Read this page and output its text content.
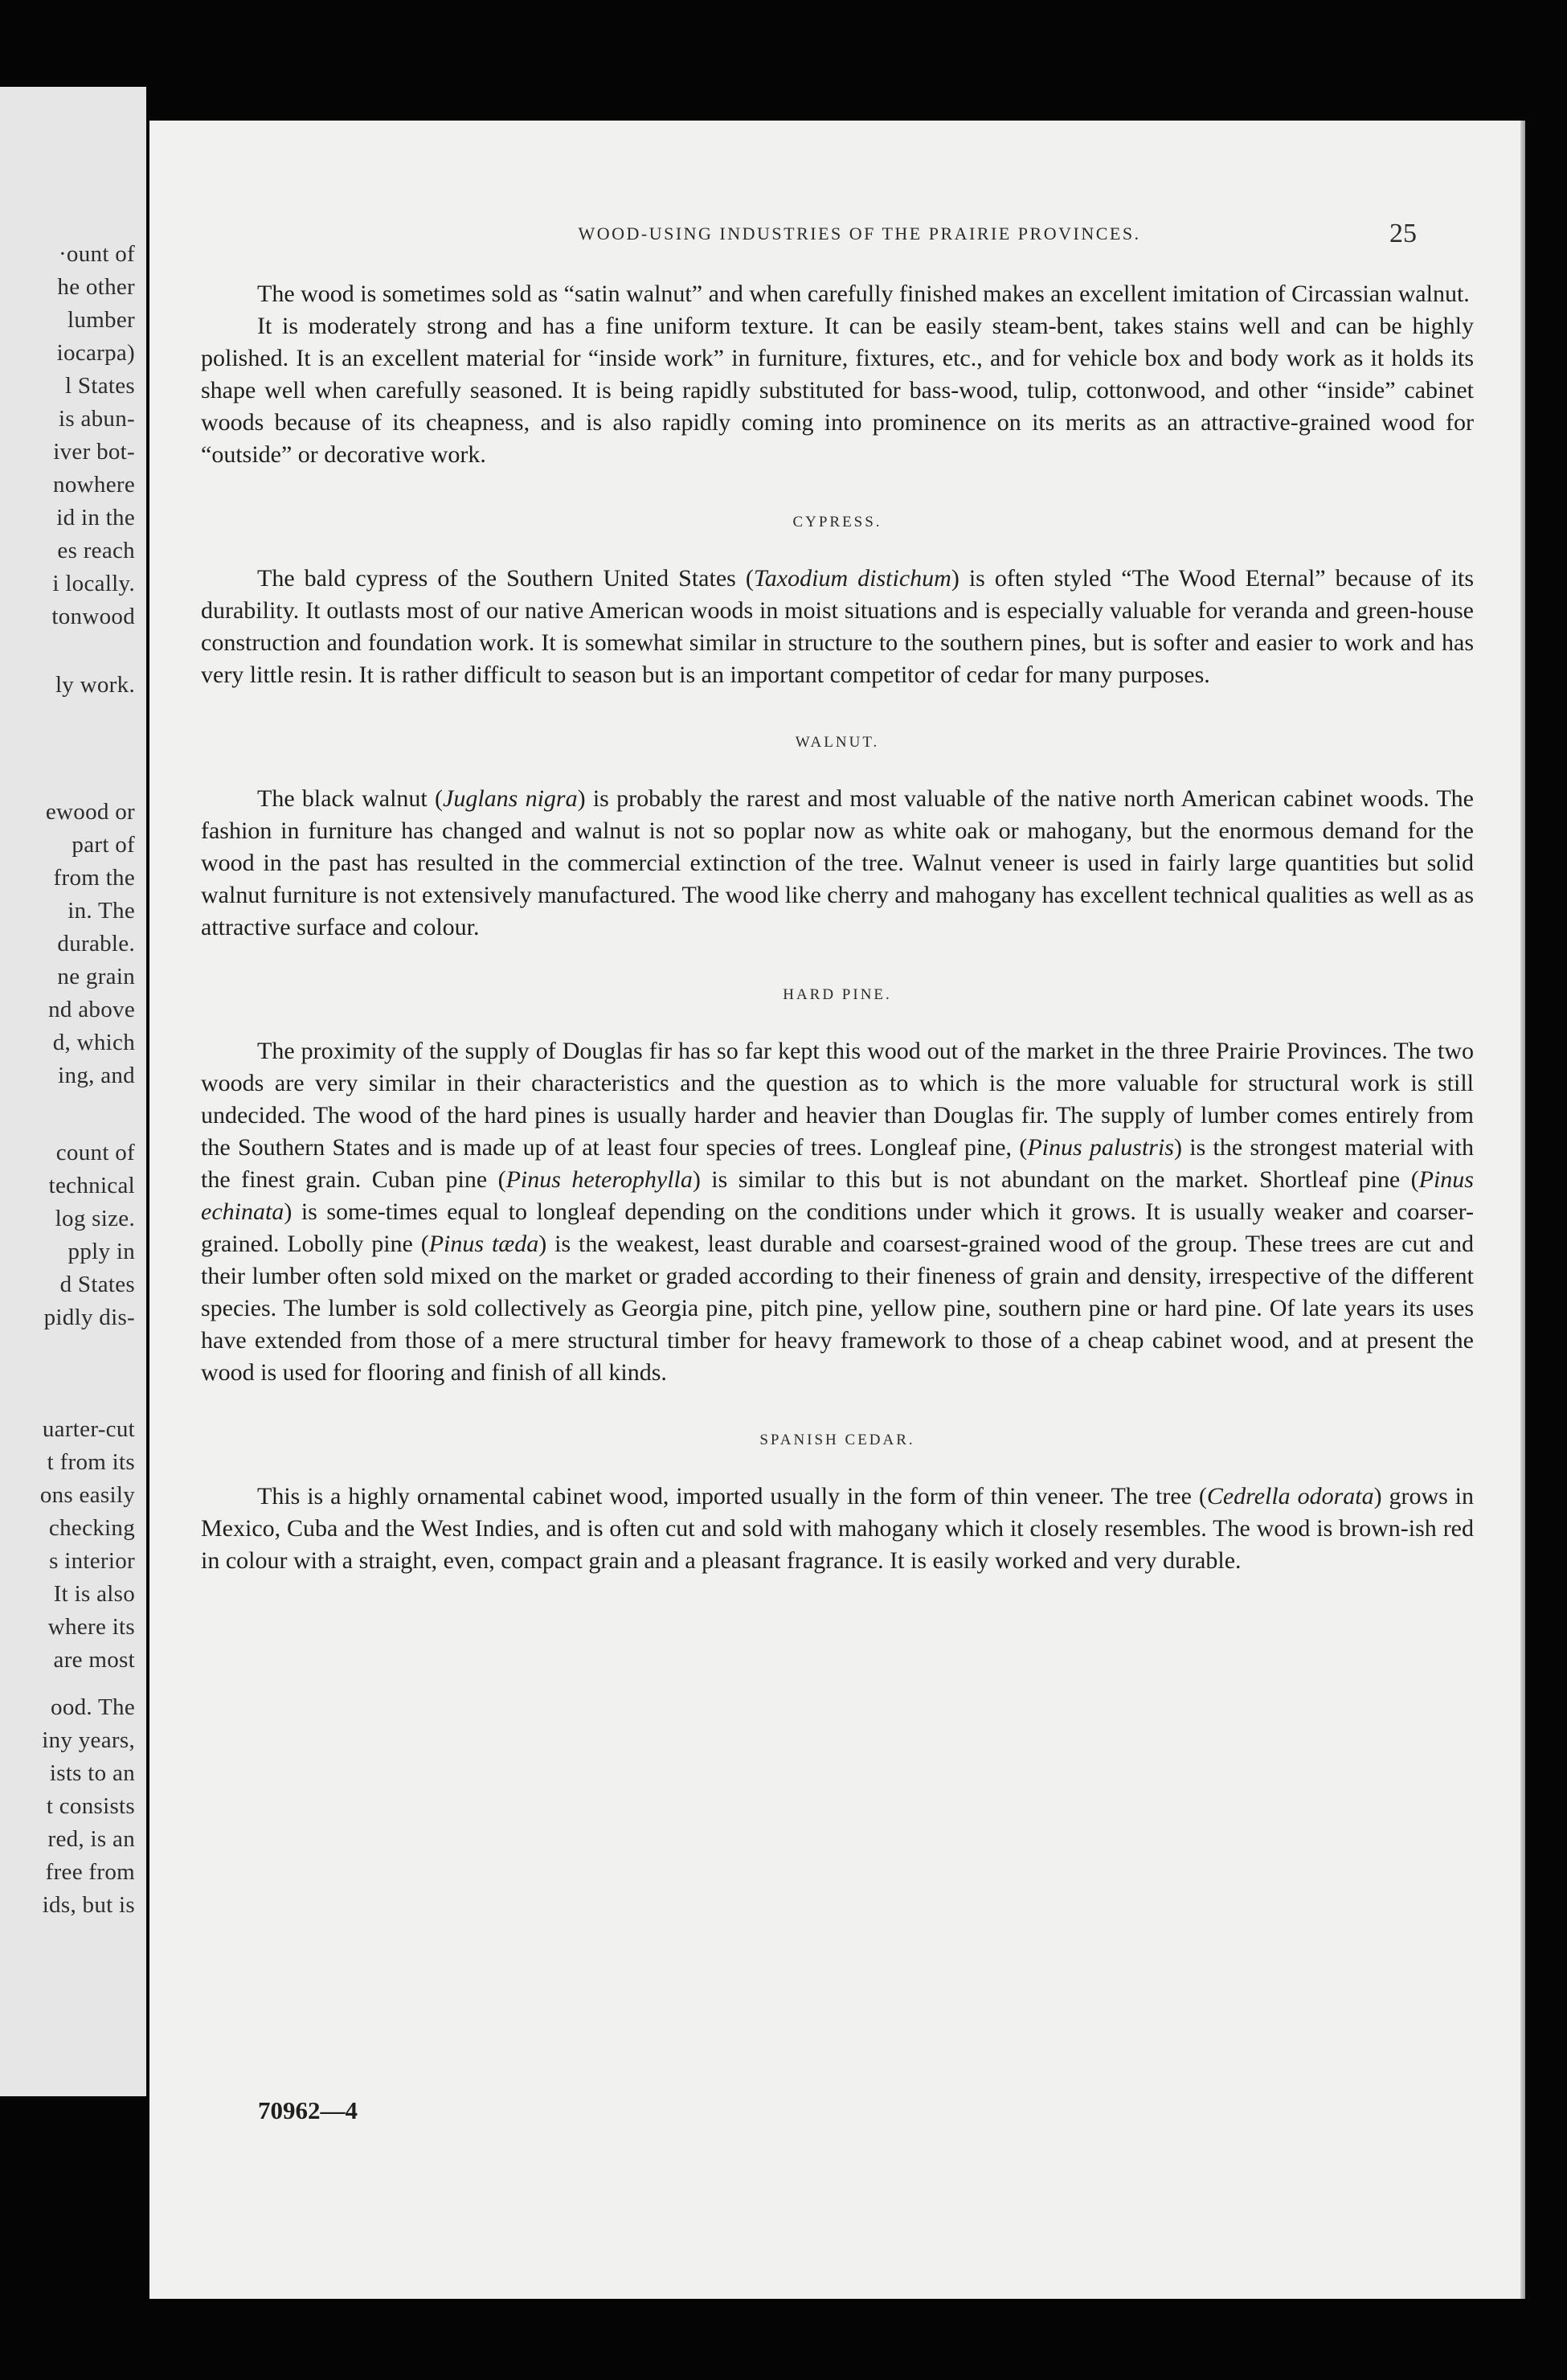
·ount of
he other
lumber
iocarpa)
l States
is abun-
iver bot-
nowhere
id in the
es reach
i locally.
tonwood
ly work.
ewood or
part of
from the
in. The
durable.
ne grain
nd above
d, which
ing, and
count of
technical
log size.
pply in
d States
pidly dis-
uarter-cut
t from its
ons easily
checking
s interior
It is also
where its
are most
ood. The
iny years,
ists to an
t consists
red, is an
free from
ids, but is
WOOD-USING INDUSTRIES OF THE PRAIRIE PROVINCES.	25

The wood is sometimes sold as “satin walnut” and when carefully finished makes an excellent imitation of Circassian walnut.

It is moderately strong and has a fine uniform texture. It can be easily steam-bent, takes stains well and can be highly polished. It is an excellent material for “inside work” in furniture, fixtures, etc., and for vehicle box and body work as it holds its shape well when carefully seasoned. It is being rapidly substituted for bass-wood, tulip, cottonwood, and other “inside” cabinet woods because of its cheapness, and is also rapidly coming into prominence on its merits as an attractive-grained wood for “outside” or decorative work.

CYPRESS.

The bald cypress of the Southern United States (Taxodium distichum) is often styled “The Wood Eternal” because of its durability. It outlasts most of our native American woods in moist situations and is especially valuable for veranda and green-house construction and foundation work. It is somewhat similar in structure to the southern pines, but is softer and easier to work and has very little resin. It is rather difficult to season but is an important competitor of cedar for many purposes.

WALNUT.

The black walnut (Juglans nigra) is probably the rarest and most valuable of the native north American cabinet woods. The fashion in furniture has changed and walnut is not so poplar now as white oak or mahogany, but the enormous demand for the wood in the past has resulted in the commercial extinction of the tree. Walnut veneer is used in fairly large quantities but solid walnut furniture is not extensively manufactured. The wood like cherry and mahogany has excellent technical qualities as well as as attractive surface and colour.

HARD PINE.

The proximity of the supply of Douglas fir has so far kept this wood out of the market in the three Prairie Provinces. The two woods are very similar in their characteristics and the question as to which is the more valuable for structural work is still undecided. The wood of the hard pines is usually harder and heavier than Douglas fir. The supply of lumber comes entirely from the Southern States and is made up of at least four species of trees. Longleaf pine, (Pinus palustris) is the strongest material with the finest grain. Cuban pine (Pinus heterophylla) is similar to this but is not abundant on the market. Shortleaf pine (Pinus echinata) is some-times equal to longleaf depending on the conditions under which it grows. It is usually weaker and coarser-grained. Lobolly pine (Pinus tæda) is the weakest, least durable and coarsest-grained wood of the group. These trees are cut and their lumber often sold mixed on the market or graded according to their fineness of grain and density, irrespective of the different species. The lumber is sold collectively as Georgia pine, pitch pine, yellow pine, southern pine or hard pine. Of late years its uses have extended from those of a mere structural timber for heavy framework to those of a cheap cabinet wood, and at present the wood is used for flooring and finish of all kinds.

SPANISH CEDAR.

This is a highly ornamental cabinet wood, imported usually in the form of thin veneer. The tree (Cedrella odorata) grows in Mexico, Cuba and the West Indies, and is often cut and sold with mahogany which it closely resembles. The wood is brown-ish red in colour with a straight, even, compact grain and a pleasant fragrance. It is easily worked and very durable.

70962—4
